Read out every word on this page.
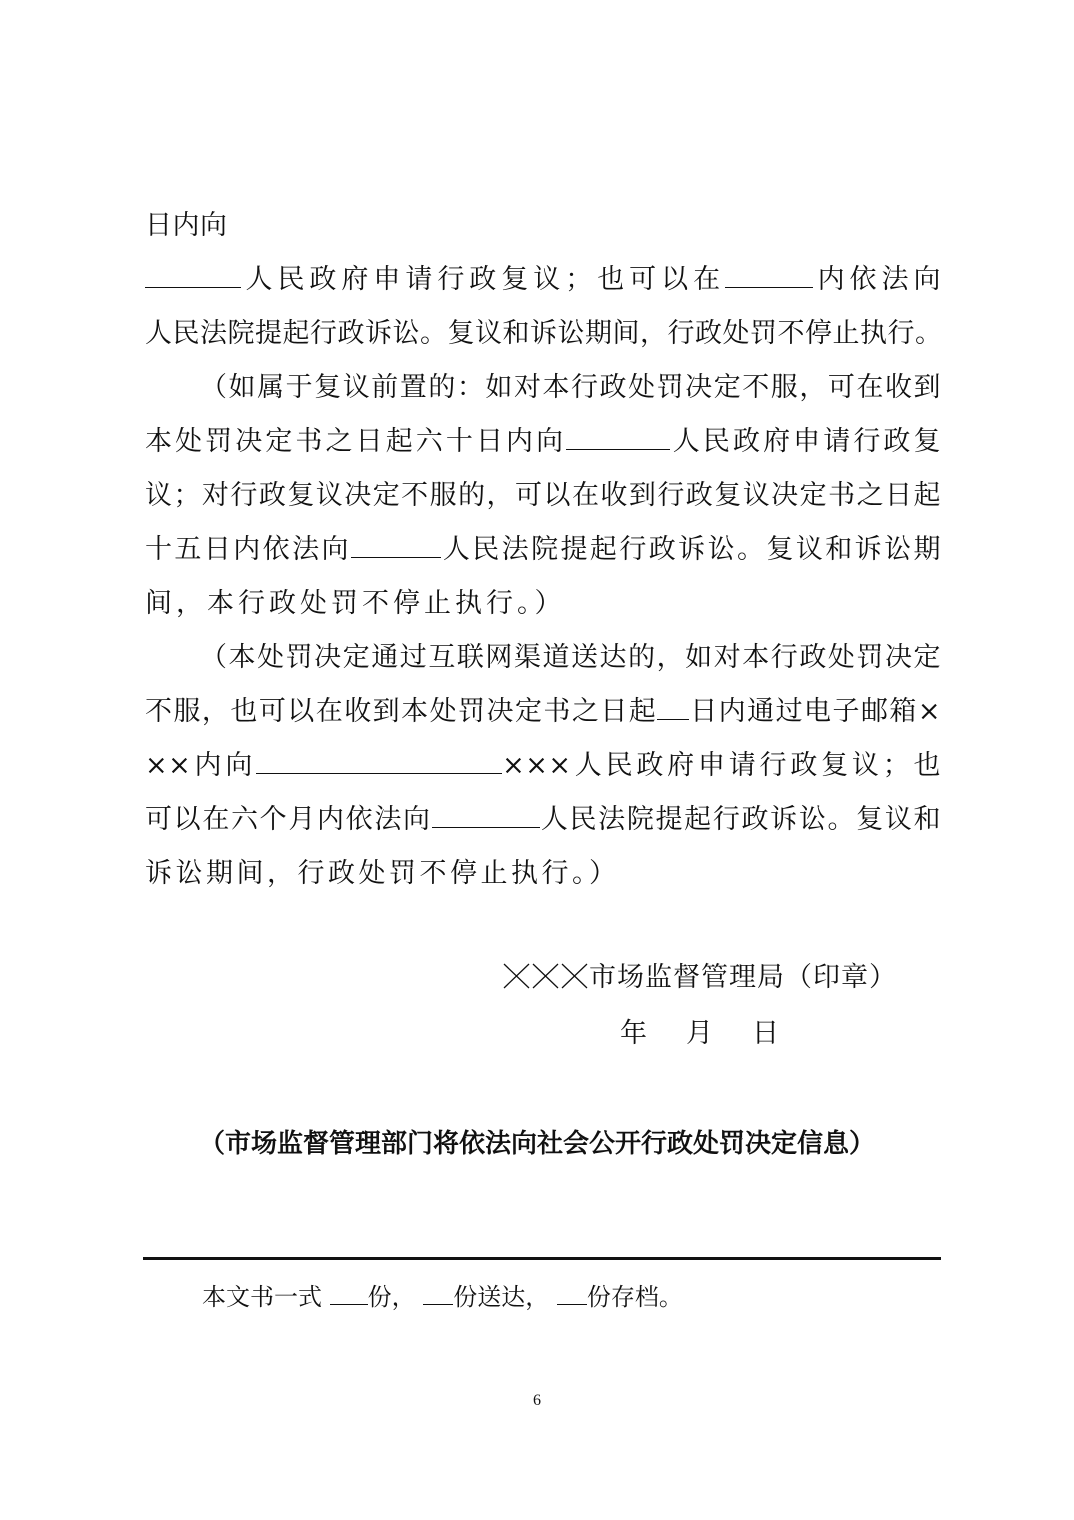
日内向
人民政府申请行政复议；也可以在	内依法向
人民法院提起行政诉讼。复议和诉讼期间，行政处罚不停止执行。
（如属于复议前置的：如对本行政处罚决定不服，可在收到
本处罚决定书之日起六十日内向	人民政府申请行政复
议；对行政复议决定不服的，可以在收到行政复议决定书之日起
十五日内依法向	人民法院提起行政诉讼。复议和诉讼期
间，本行政处罚不停止执行。）
（本处罚决定通过互联网渠道送达的，如对本行政处罚决定
不服，也可以在收到本处罚决定书之日起 日内通过电子邮箱×
××内向	×××人民政府申请行政复议；也
可以在六个月内依法向	人民法院提起行政诉讼。复议和
诉讼期间，行政处罚不停止执行。）
市场监督管理局（印章）
年　月　日
（市场监督管理部门将依法向社会公开行政处罚决定信息）
本文书一式 份， 份送达， 份存档。
6
